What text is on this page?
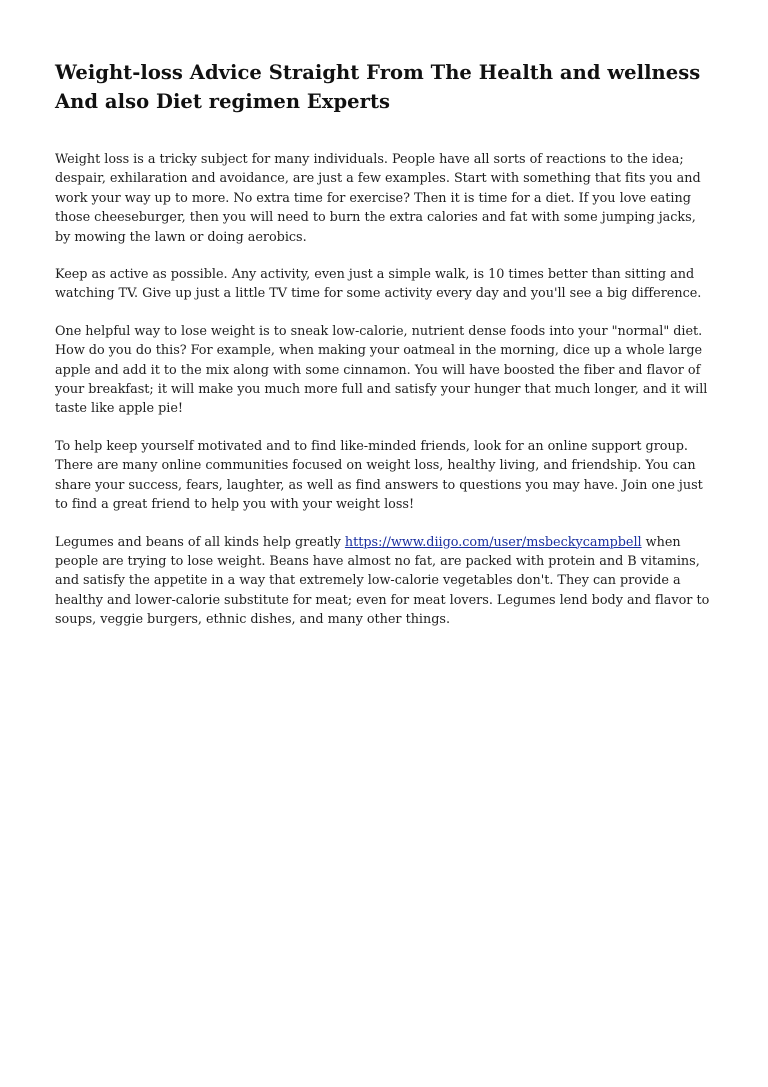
Weight-loss Advice Straight From The Health and wellness And also Diet regimen Experts

Weight loss is a tricky subject for many individuals. People have all sorts of reactions to the idea; despair, exhilaration and avoidance, are just a few examples. Start with something that fits you and work your way up to more. No extra time for exercise? Then it is time for a diet. If you love eating those cheeseburger, then you will need to burn the extra calories and fat with some jumping jacks, by mowing the lawn or doing aerobics.

Keep as active as possible. Any activity, even just a simple walk, is 10 times better than sitting and watching TV. Give up just a little TV time for some activity every day and you'll see a big difference.

One helpful way to lose weight is to sneak low-calorie, nutrient dense foods into your "normal" diet. How do you do this? For example, when making your oatmeal in the morning, dice up a whole large apple and add it to the mix along with some cinnamon. You will have boosted the fiber and flavor of your breakfast; it will make you much more full and satisfy your hunger that much longer, and it will taste like apple pie!

To help keep yourself motivated and to find like-minded friends, look for an online support group. There are many online communities focused on weight loss, healthy living, and friendship. You can share your success, fears, laughter, as well as find answers to questions you may have. Join one just to find a great friend to help you with your weight loss!

Legumes and beans of all kinds help greatly https://www.diigo.com/user/msbeckycampbell when people are trying to lose weight. Beans have almost no fat, are packed with protein and B vitamins, and satisfy the appetite in a way that extremely low-calorie vegetables don't. They can provide a healthy and lower-calorie substitute for meat; even for meat lovers. Legumes lend body and flavor to soups, veggie burgers, ethnic dishes, and many other things.
